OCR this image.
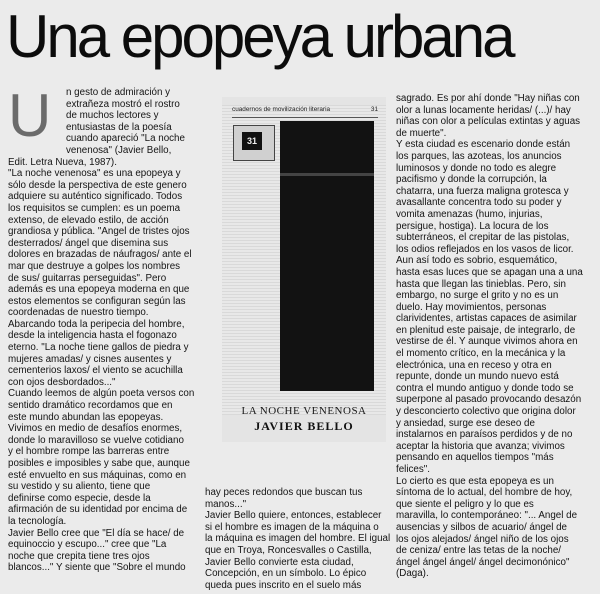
Una epopeya urbana
U	n gesto de admiración y

extrañeza mostró el rostro

de muchos lectores y

entusiastas de la poesía

cuando apareció "La noche

venenosa" (Javier Bello,

Edit. Letra Nueva, 1987).

"La noche venenosa" es una epopeya y

sólo desde la perspectiva de este genero

adquiere su auténtico significado. Todos

los requisitos se cumplen: es un poema

extenso, de elevado estilo, de acción

grandiosa y pública. "Angel de tristes ojos

desterrados/ ángel que disemina sus

dolores en brazadas de náufragos/ ante el

mar que destruye a golpes los nombres

de sus/ guitarras perseguidas". Pero

además es una epopeya moderna en que

estos elementos se configuran según las

coordenadas de nuestro tiempo.

Abarcando toda la peripecia del hombre,

desde la inteligencia hasta el fogonazo

eterno. "La noche tiene gallos de piedra y

mujeres amadas/ y cisnes ausentes y

cementerios laxos/ el viento se acuchilla

con ojos desbordados..."

Cuando leemos de algún poeta versos con

sentido dramático recordamos que en

este mundo abundan las epopeyas.

Vivimos en medio de desafíos enormes,

donde lo maravilloso se vuelve cotidiano

y el hombre rompe las barreras entre

posibles e imposibles y sabe que, aunque

esté envuelto en sus máquinas, como en

su vestido y su aliento, tiene que

definirse como especie, desde la

afirmación de su identidad por encima de

la tecnología.

Javier Bello cree que "El día se hace/ de

equinoccio y escupo..." cree que "La

noche que crepita tiene tres ojos

blancos..." Y siente que "Sobre el mundo

cuadernos de movilización literaria	31
31
LA NOCHE VENENOSA
JAVIER BELLO

hay peces redondos que buscan tus

manos..."

Javier Bello quiere, entonces, establecer

si el hombre es imagen de la máquina o

la máquina es imagen del hombre. El igual

que en Troya, Roncesvalles o Castilla,

Javier Bello convierte esta ciudad,

Concepción, en un símbolo. Lo épico

queda pues inscrito en el suelo más

sagrado. Es por ahí donde "Hay niñas con

olor a lunas locamente heridas/ (...)/ hay

niñas con olor a películas extintas y aguas

de muerte".

Y esta ciudad es escenario donde están

los parques, las azoteas, los anuncios

luminosos y donde no todo es alegre

pacifismo y donde la corrupción, la

chatarra, una fuerza maligna grotesca y

avasallante concentra todo su poder y

vomita amenazas (humo, injurias,

persigue, hostiga). La locura de los

subterráneos, el crepitar de las pistolas,

los odios reflejados en los vasos de licor.

Aun así todo es sobrio, esquemático,

hasta esas luces que se apagan una a una

hasta que llegan las tinieblas. Pero, sin

embargo, no surge el grito y no es un

duelo. Hay movimientos, personas

clarividentes, artistas capaces de asimilar

en plenitud este paisaje, de integrarlo, de

vestirse de él. Y aunque vivimos ahora en

el momento crítico, en la mecánica y la

electrónica, una en receso y otra en

repunte, donde un mundo nuevo está

contra el mundo antiguo y donde todo se

superpone al pasado provocando desazón

y desconcierto colectivo que origina dolor

y ansiedad, surge ese deseo de

instalarnos en paraísos perdidos y de no

aceptar la historia que avanza; vivimos

pensando en aquellos tiempos "más

felices".

Lo cierto es que esta epopeya es un

síntoma de lo actual, del hombre de hoy,

que siente el peligro y lo que es

maravilla, lo contemporáneo: "... Angel de

ausencias y silbos de acuario/ ángel de

los ojos alejados/ ángel niño de los ojos

de ceniza/ entre las tetas de la noche/

ángel ángel ángel/ ángel decimonónico"

(Daga).
